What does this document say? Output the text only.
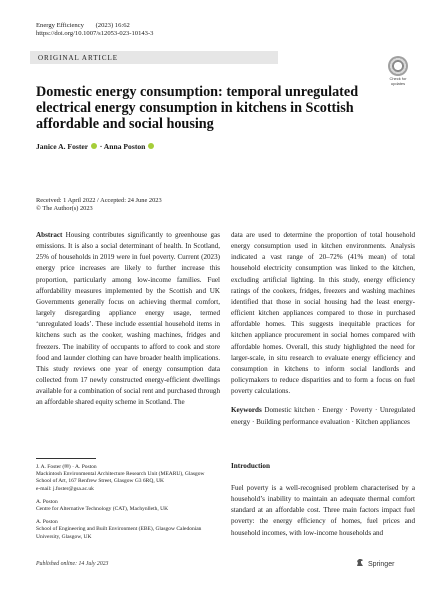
Energy Efficiency (2023) 16:62
https://doi.org/10.1007/s12053-023-10143-3
ORIGINAL ARTICLE
Check for
updates
Domestic energy consumption: temporal unregulated electrical energy consumption in kitchens in Scottish affordable and social housing
Janice A. Foster · Anna Poston
Received: 1 April 2022 / Accepted: 24 June 2023
© The Author(s) 2023
Abstract Housing contributes significantly to greenhouse gas emissions. It is also a social determinant of health. In Scotland, 25% of households in 2019 were in fuel poverty. Current (2023) energy price increases are likely to further increase this proportion, particularly among low-income families. Fuel affordability measures implemented by the Scottish and UK Governments generally focus on achieving thermal comfort, largely disregarding appliance energy usage, termed ‘unregulated loads’. These include essential household items in kitchens such as the cooker, washing machines, fridges and freezers. The inability of occupants to afford to cook and store food and launder clothing can have broader health implications. This study reviews one year of energy consumption data collected from 17 newly constructed energy-efficient dwellings available for a combination of social rent and purchased through an affordable shared equity scheme in Scotland. The
data are used to determine the proportion of total household energy consumption used in kitchen environments. Analysis indicated a vast range of 20–72% (41% mean) of total household electricity consumption was linked to the kitchen, excluding artificial lighting. In this study, energy efficiency ratings of the cookers, fridges, freezers and washing machines identified that those in social housing had the least energy-efficient kitchen appliances compared to those in purchased affordable homes. This suggests inequitable practices for kitchen appliance procurement in social homes compared with affordable homes. Overall, this study highlighted the need for larger-scale, in situ research to evaluate energy efficiency and consumption in kitchens to inform social landlords and policymakers to reduce disparities and to form a focus on fuel poverty calculations.
Keywords Domestic kitchen · Energy · Poverty · Unregulated energy · Building performance evaluation · Kitchen appliances

J. A. Foster (✉) · A. Poston
Mackintosh Environmental Architecture Research Unit (MEARU), Glasgow School of Art, 167 Renfrew Street, Glasgow G3 6RQ, UK
e-mail: j.foster@gsa.ac.uk

A. Poston
Centre for Alternative Technology (CAT), Machynlleth, UK

A. Poston
School of Engineering and Built Environment (EBE), Glasgow Caledonian University, Glasgow, UK

Introduction
Fuel poverty is a well-recognised problem characterised by a household’s inability to maintain an adequate thermal comfort standard at an affordable cost. Three main factors impact fuel poverty: the energy efficiency of homes, fuel prices and household incomes, with low-income households and
Published online: 14 July 2023	Springer
